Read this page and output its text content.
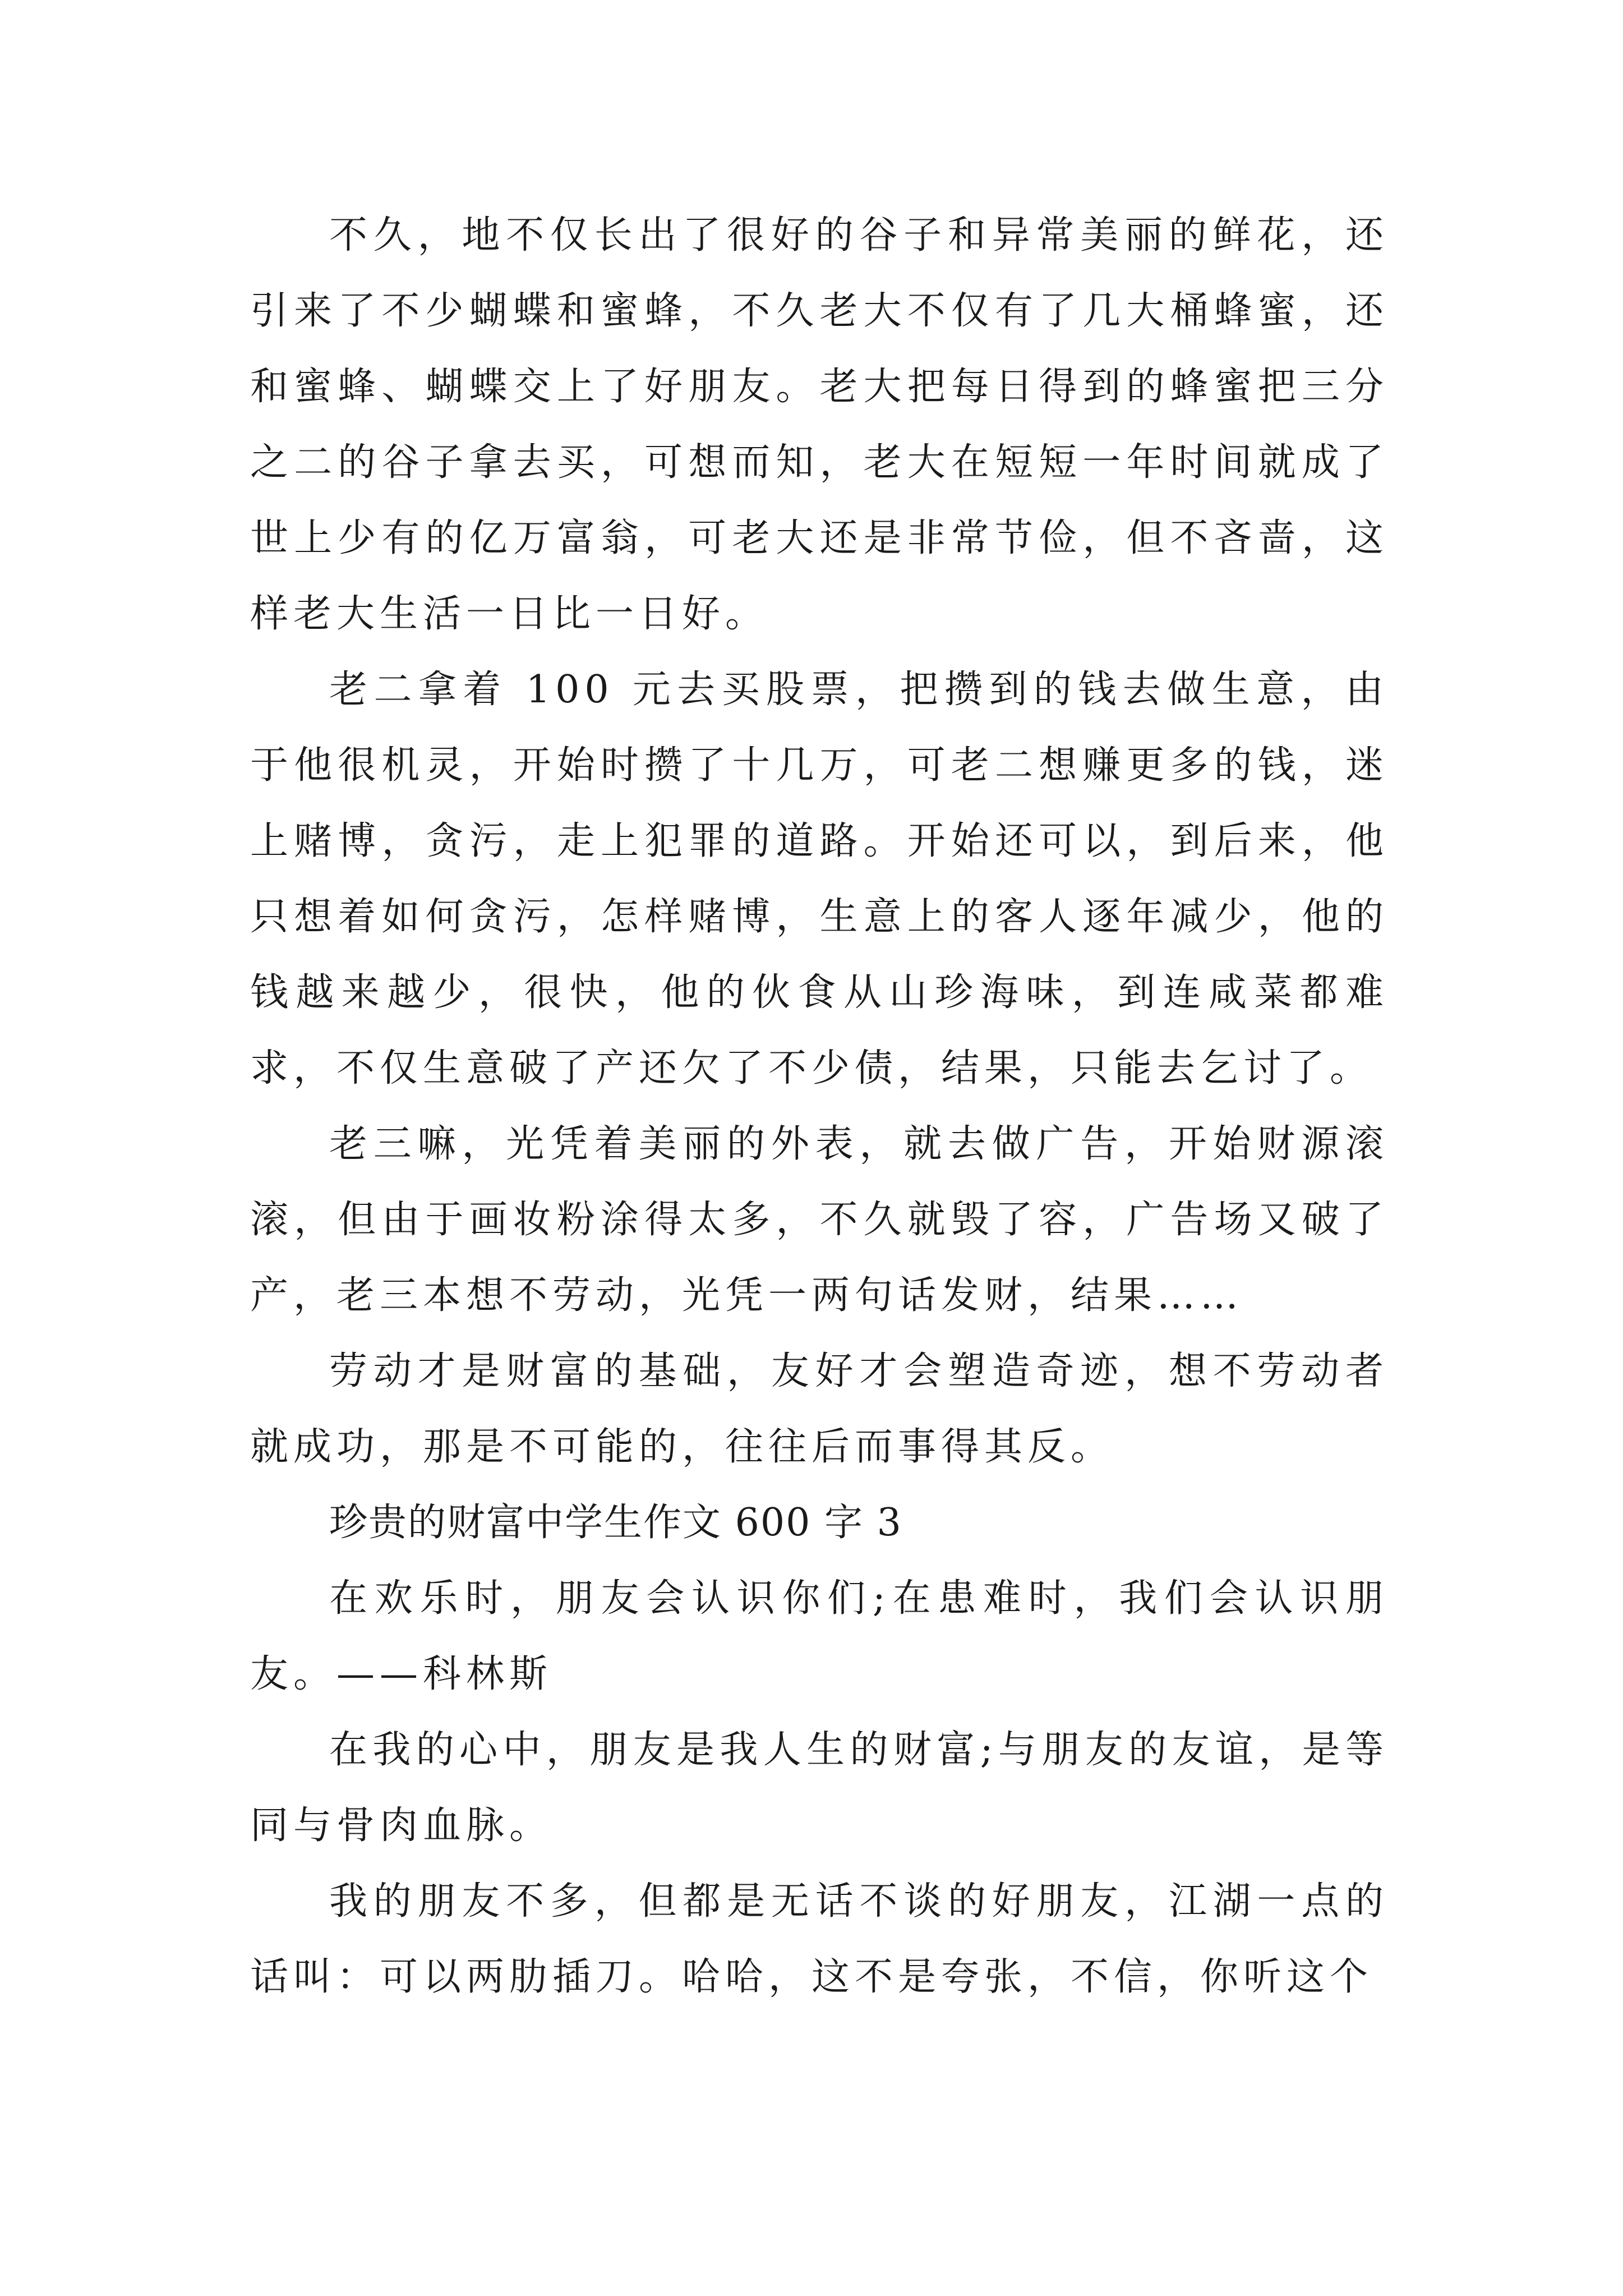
不久，地不仅长出了很好的谷子和异常美丽的鲜花，还引来了不少蝴蝶和蜜蜂，不久老大不仅有了几大桶蜂蜜，还和蜜蜂、蝴蝶交上了好朋友。老大把每日得到的蜂蜜把三分之二的谷子拿去买，可想而知，老大在短短一年时间就成了世上少有的亿万富翁，可老大还是非常节俭，但不吝啬，这样老大生活一日比一日好。

老二拿着 100 元去买股票，把攒到的钱去做生意，由于他很机灵，开始时攒了十几万，可老二想赚更多的钱，迷上赌博，贪污，走上犯罪的道路。开始还可以，到后来，他只想着如何贪污，怎样赌博，生意上的客人逐年减少，他的钱越来越少，很快，他的伙食从山珍海味，到连咸菜都难求，不仅生意破了产还欠了不少债，结果，只能去乞讨了。

老三嘛，光凭着美丽的外表，就去做广告，开始财源滚滚，但由于画妆粉涂得太多，不久就毁了容，广告场又破了产，老三本想不劳动，光凭一两句话发财，结果……

劳动才是财富的基础，友好才会塑造奇迹，想不劳动者就成功，那是不可能的，往往后而事得其反。

珍贵的财富中学生作文 600 字 3

在欢乐时，朋友会认识你们;在患难时，我们会认识朋友。——科林斯

在我的心中，朋友是我人生的财富;与朋友的友谊，是等同与骨肉血脉。

我的朋友不多，但都是无话不谈的好朋友，江湖一点的话叫：可以两肋插刀。哈哈，这不是夸张，不信，你听这个
